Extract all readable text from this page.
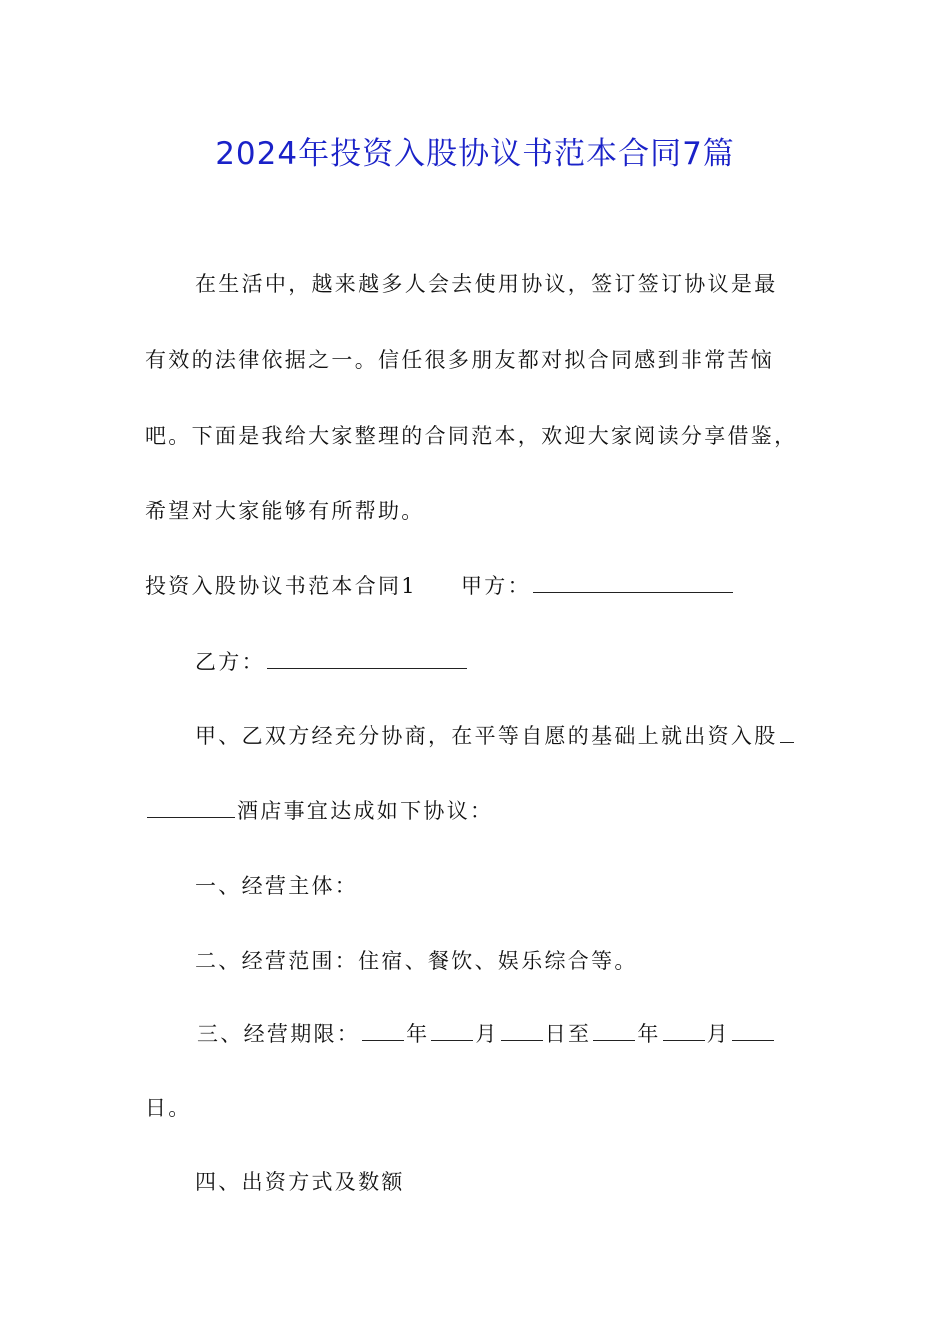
2024年投资入股协议书范本合同7篇
在生活中，越来越多人会去使用协议，签订签订协议是最
有效的法律依据之一。信任很多朋友都对拟合同感到非常苦恼
吧。下面是我给大家整理的合同范本，欢迎大家阅读分享借鉴，
希望对大家能够有所帮助。
投资入股协议书范本合同1 甲方：
乙方：
甲、乙双方经充分协商，在平等自愿的基础上就出资入股
酒店事宜达成如下协议：
一、经营主体：
二、经营范围：住宿、餐饮、娱乐综合等。
三、经营期限： 年 月 日至 年 月
日。
四、出资方式及数额
